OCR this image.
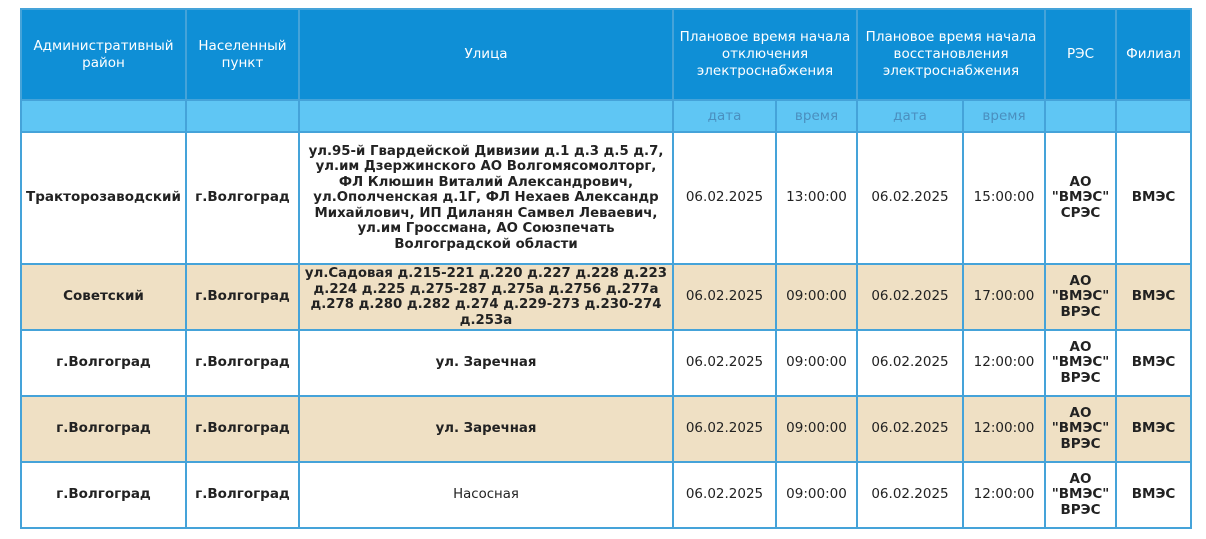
Административный район	Населенный пункт	Улица	Плановое время начала отключения электроснабжения		Плановое время начала восстановления электроснабжения		РЭС	Филиал
			дата	время	дата	время		
Тракторозаводский	г.Волгоград	ул.95-й Гвардейской Дивизии д.1 д.3 д.5 д.7, ул.им Дзержинского АО Волгомясомолторг, ФЛ Клюшин Виталий Александрович, ул.Ополченская д.1Г, ФЛ Нехаев Александр Михайлович, ИП Диланян Самвел Леваевич, ул.им Гроссмана, АО Союзпечать Волгоградской области	06.02.2025	13:00:00	06.02.2025	15:00:00	АО "ВМЭС" СРЭС	ВМЭС
Советский	г.Волгоград	ул.Садовая д.215-221 д.220 д.227 д.228 д.223 д.224 д.225 д.275-287 д.275а д.2756 д.277а д.278 д.280 д.282 д.274 д.229-273 д.230-274 д.253а	06.02.2025	09:00:00	06.02.2025	17:00:00	АО "ВМЭС" ВРЭС	ВМЭС
г.Волгоград	г.Волгоград	ул. Заречная	06.02.2025	09:00:00	06.02.2025	12:00:00	АО "ВМЭС" ВРЭС	ВМЭС
г.Волгоград	г.Волгоград	ул. Заречная	06.02.2025	09:00:00	06.02.2025	12:00:00	АО "ВМЭС" ВРЭС	ВМЭС
г.Волгоград	г.Волгоград	Насосная	06.02.2025	09:00:00	06.02.2025	12:00:00	АО "ВМЭС" ВРЭС	ВМЭС
